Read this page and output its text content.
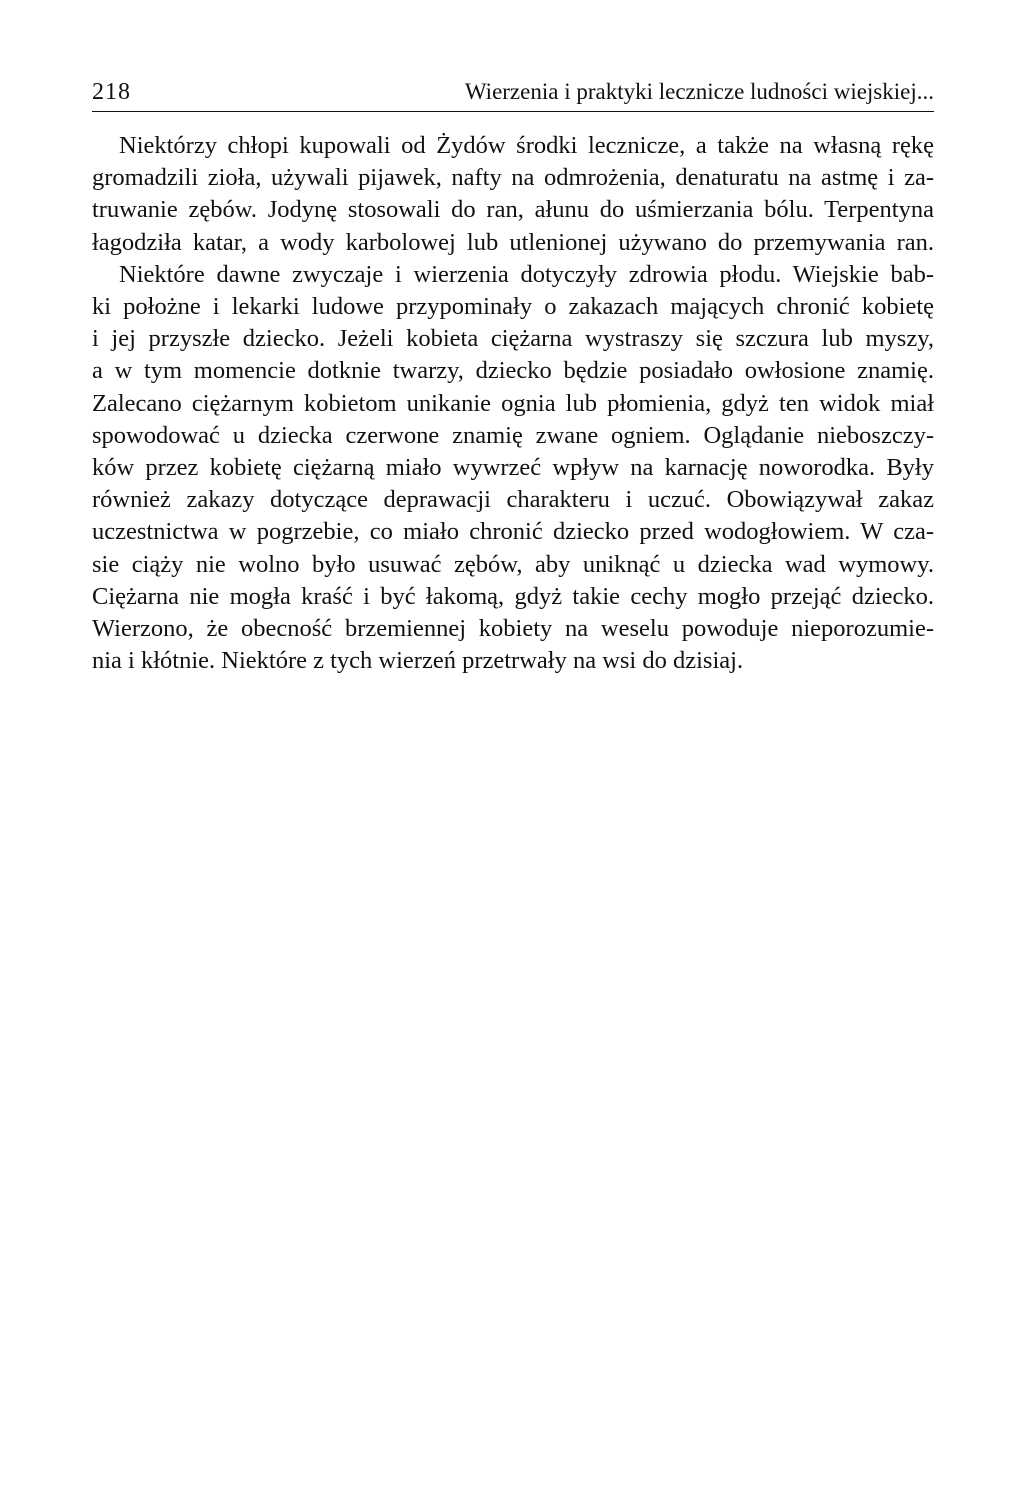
218	Wierzenia i praktyki lecznicze ludności wiejskiej...

Niektórzy chłopi kupowali od Żydów środki lecznicze, a także na własną rękę
gromadzili zioła, używali pijawek, nafty na odmrożenia, denaturatu na astmę i za-
truwanie zębów. Jodynę stosowali do ran, ałunu do uśmierzania bólu. Terpentyna
łagodziła katar, a wody karbolowej lub utlenionej używano do przemywania ran.

Niektóre dawne zwyczaje i wierzenia dotyczyły zdrowia płodu. Wiejskie bab-
ki położne i lekarki ludowe przypominały o zakazach mających chronić kobietę
i jej przyszłe dziecko. Jeżeli kobieta ciężarna wystraszy się szczura lub myszy,
a w tym momencie dotknie twarzy, dziecko będzie posiadało owłosione znamię.
Zalecano ciężarnym kobietom unikanie ognia lub płomienia, gdyż ten widok miał
spowodować u dziecka czerwone znamię zwane ogniem. Oglądanie nieboszczy-
ków przez kobietę ciężarną miało wywrzeć wpływ na karnację noworodka. Były
również zakazy dotyczące deprawacji charakteru i uczuć. Obowiązywał zakaz
uczestnictwa w pogrzebie, co miało chronić dziecko przed wodogłowiem. W cza-
sie ciąży nie wolno było usuwać zębów, aby uniknąć u dziecka wad wymowy.
Ciężarna nie mogła kraść i być łakomą, gdyż takie cechy mogło przejąć dziecko.
Wierzono, że obecność brzemiennej kobiety na weselu powoduje nieporozumie-
nia i kłótnie. Niektóre z tych wierzeń przetrwały na wsi do dzisiaj.
